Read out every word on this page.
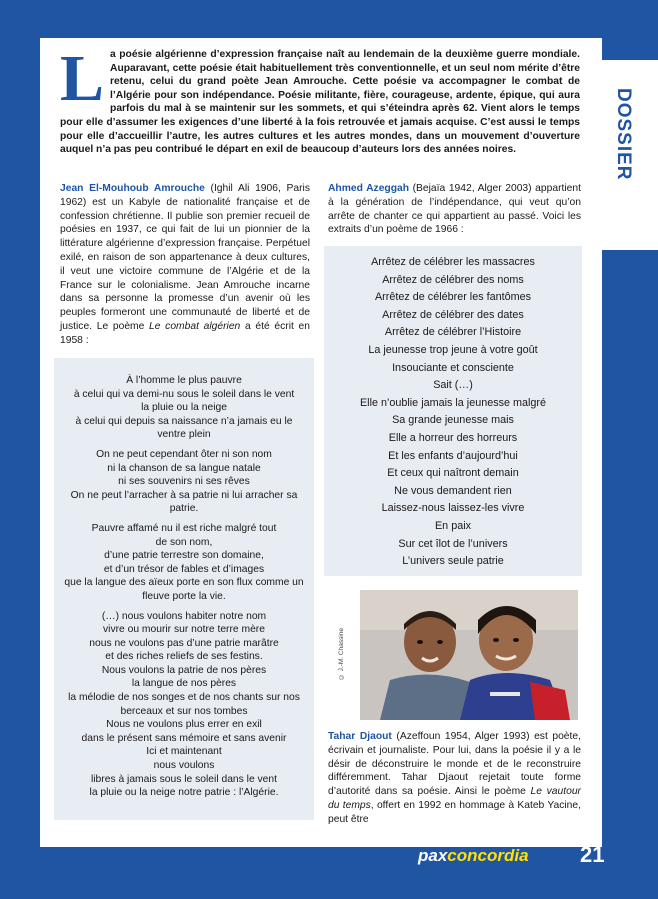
DOSSIER
L a poésie algérienne d’expression française naît au lendemain de la deuxième guerre mondiale. Auparavant, cette poésie était habituellement très conventionnelle, et un seul nom mérite d’être retenu, celui du grand poète Jean Amrouche. Cette poésie va accompagner le combat de l’Algérie pour son indépendance. Poésie militante, fière, courageuse, ardente, épique, qui aura parfois du mal à se maintenir sur les sommets, et qui s’éteindra après 62. Vient alors le temps pour elle d’assumer les exigences d’une liberté à la fois retrouvée et jamais acquise. C’est aussi le temps pour elle d’accueillir l’autre, les autres cultures et les autres mondes, dans un mouvement d’ouverture auquel n’a pas peu contribué le départ en exil de beaucoup d’auteurs lors des années noires.
Jean El-Mouhoub Amrouche (Ighil Ali 1906, Paris 1962) est un Kabyle de nationalité française et de confession chrétienne. Il publie son premier recueil de poésies en 1937, ce qui fait de lui un pionnier de la littérature algérienne d’expression française. Perpétuel exilé, en raison de son appartenance à deux cultures, il veut une victoire commune de l’Algérie et de la France sur le colonialisme. Jean Amrouche incarne dans sa personne la promesse d’un avenir où les peuples formeront une communauté de liberté et de justice. Le poème Le combat algérien a été écrit en 1958 :

À l’homme le plus pauvre
à celui qui va demi-nu sous le soleil dans le vent
la pluie ou la neige
à celui qui depuis sa naissance n’a jamais eu le ventre plein

On ne peut cependant ôter ni son nom
ni la chanson de sa langue natale
ni ses souvenirs ni ses rêves
On ne peut l’arracher à sa patrie ni lui arracher sa patrie.

Pauvre affamé nu il est riche malgré tout
de son nom,
d’une patrie terrestre son domaine,
et d’un trésor de fables et d’images
que la langue des aïeux porte en son flux comme un fleuve porte la vie.

(…) nous voulons habiter notre nom
vivre ou mourir sur notre terre mère
nous ne voulons pas d’une patrie marâtre
et des riches reliefs de ses festins.
Nous voulons la patrie de nos pères
la langue de nos pères
la mélodie de nos songes et de nos chants sur nos berceaux et sur nos tombes
Nous ne voulons plus errer en exil
dans le présent sans mémoire et sans avenir
Ici et maintenant
nous voulons
libres à jamais sous le soleil dans le vent
la pluie ou la neige notre patrie : l’Algérie.

Ahmed Azeggah (Bejaïa 1942, Alger 2003) appartient à la génération de l’indépendance, qui veut qu’on arrête de chanter ce qui appartient au passé. Voici les extraits d’un poème de 1966 :
Arrêtez de célébrer les massacres
Arrêtez de célébrer des noms
Arrêtez de célébrer les fantômes
Arrêtez de célébrer des dates
Arrêtez de célébrer l’Histoire
La jeunesse trop jeune à votre goût
Insouciante et consciente
Sait (…)
Elle n’oublie jamais la jeunesse malgré
Sa grande jeunesse mais
Elle a horreur des horreurs
Et les enfants d’aujourd’hui
Et ceux qui naîtront demain
Ne vous demandent rien
Laissez-nous laissez-les vivre
En paix
Sur cet îlot de l’univers
L’univers seule patrie
© J.-M. Chassine
Tahar Djaout (Azeffoun 1954, Alger 1993) est poète, écrivain et journaliste. Pour lui, dans la poésie il y a le désir de déconstruire le monde et de le reconstruire différemment. Tahar Djaout rejetait toute forme d’autorité dans sa poésie. Ainsi le poème Le vautour du temps, offert en 1992 en hommage à Kateb Yacine, peut être
paxconcordia 21
